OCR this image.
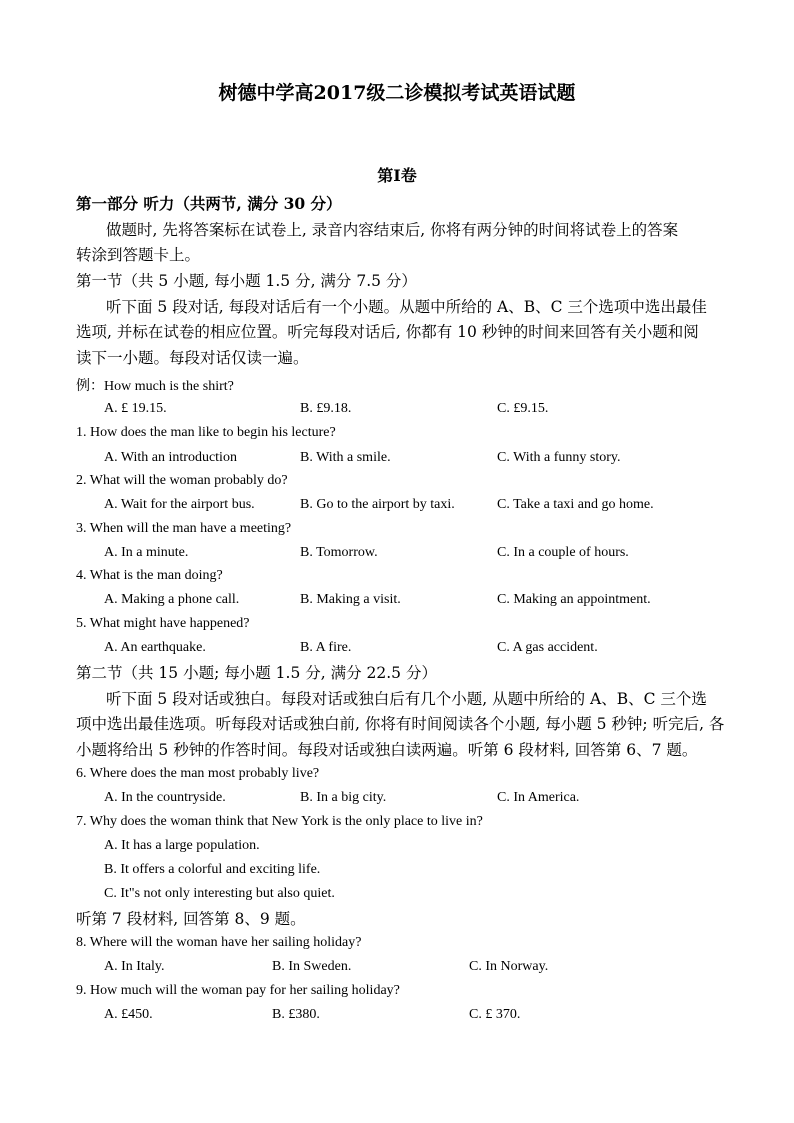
树德中学高2017级二诊模拟考试英语试题
第I卷
第一部分 听力（共两节, 满分 30 分）
做题时, 先将答案标在试卷上, 录音内容结束后, 你将有两分钟的时间将试卷上的答案
转涂到答题卡上。
第一节（共 5 小题, 每小题 1.5 分, 满分 7.5 分）
听下面 5 段对话, 每段对话后有一个小题。从题中所给的 A、B、C 三个选项中选出最佳
选项, 并标在试卷的相应位置。听完每段对话后, 你都有 10 秒钟的时间来回答有关小题和阅
读下一小题。每段对话仅读一遍。
例：How much is the shirt?
A. £ 19.15.	B. £9.18.	C. £9.15.
1. How does the man like to begin his lecture?
A. With an introduction	B. With a smile.	C. With a funny story.
2. What will the woman probably do?
A. Wait for the airport bus.	B. Go to the airport by taxi.	C. Take a taxi and go home.
3. When will the man have a meeting?
A. In a minute.	B. Tomorrow.	C. In a couple of hours.
4. What is the man doing?
A. Making a phone call.	B. Making a visit.	C. Making an appointment.
5. What might have happened?
A. An earthquake.	B. A fire.	C. A gas accident.
第二节（共 15 小题; 每小题 1.5 分, 满分 22.5 分）
听下面 5 段对话或独白。每段对话或独白后有几个小题, 从题中所给的 A、B、C 三个选
项中选出最佳选项。听每段对话或独白前, 你将有时间阅读各个小题, 每小题 5 秒钟; 听完后, 各
小题将给出 5 秒钟的作答时间。每段对话或独白读两遍。听第 6 段材料, 回答第 6、7 题。
6. Where does the man most probably live?
A. In the countryside.	B. In a big city.	C. In America.
7. Why does the woman think that New York is the only place to live in?
A. It has a large population.
B. It offers a colorful and exciting life.
C. It"s not only interesting but also quiet.
听第 7 段材料, 回答第 8、9 题。
8. Where will the woman have her sailing holiday?
A. In Italy.	B. In Sweden.	C. In Norway.
9. How much will the woman pay for her sailing holiday?
A. £450.	B. £380.	C. £ 370.
